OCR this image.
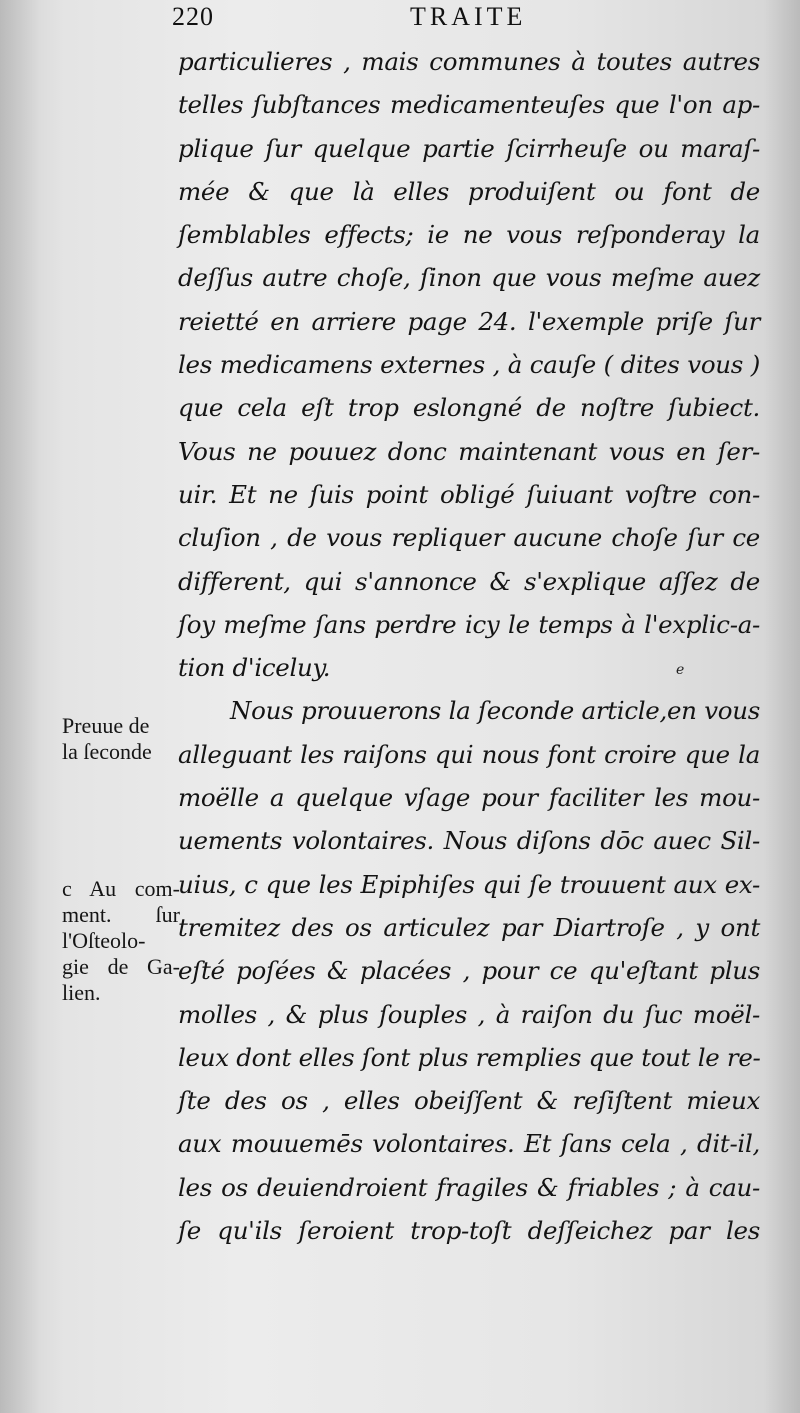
220	TRAITE
particulieres , mais communes à toutes autres
telles ſubſtances medicamenteuſes que l'on ap-
plique ſur quelque partie ſcirrheuſe ou maraſ-
mée & que là elles produiſent ou font de
ſemblables effects; ie ne vous reſponderay la
deſſus autre choſe, ſinon que vous meſme auez
reietté en arriere page 24. l'exemple priſe ſur
les medicamens externes , à cauſe ( dites vous )
que cela eſt trop eslongné de noſtre ſubiect.
Vous ne pouuez donc maintenant vous en ſer-
uir. Et ne ſuis point obligé ſuiuant voſtre con-
cluſion , de vous repliquer aucune choſe ſur ce
different, qui s'annonce & s'explique aſſez de
ſoy meſme ſans perdre icy le temps à l'explic-a-
tion d'iceluy.
Nous prouuerons la ſeconde article,en vous
alleguant les raiſons qui nous font croire que la
moëlle a quelque vſage pour faciliter les mou-
uements volontaires. Nous diſons dōc auec Sil-
uius, c que les Epiphiſes qui ſe trouuent aux ex-
tremitez des os articulez par Diartroſe , y ont
eſté poſées & placées , pour ce qu'eſtant plus
molles , & plus ſouples , à raiſon du ſuc moël-
leux dont elles ſont plus remplies que tout le re-
ſte des os , elles obeiſſent & reſiſtent mieux
aux mouuemēs volontaires. Et ſans cela , dit-il,
les os deuiendroient fragiles & friables ; à cau-
ſe qu'ils ſeroient trop-toſt deſſeichez par les
e
Preuue de
la ſeconde
c Au com-
ment. ſur
l'Oſteolo-
gie de Ga-
lien.
